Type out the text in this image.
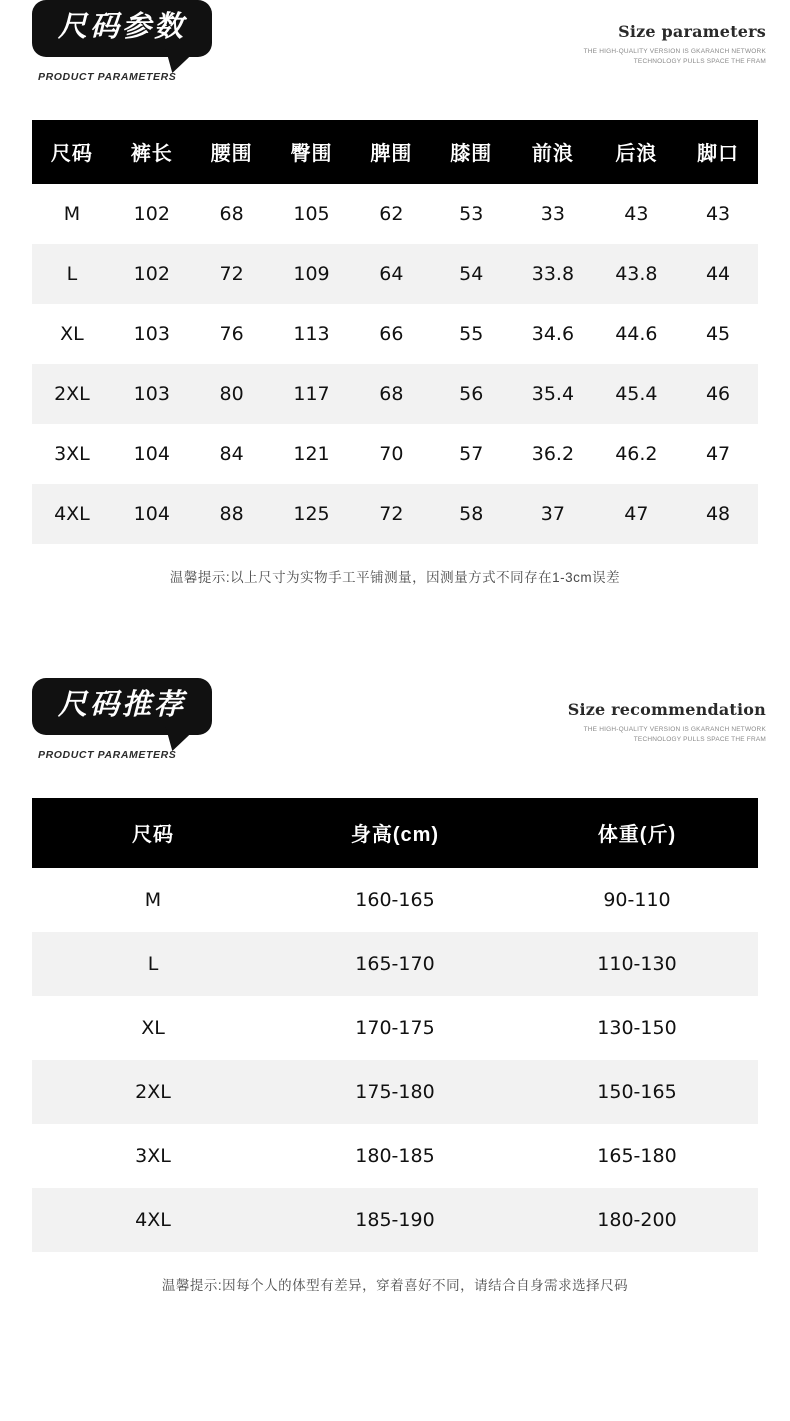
尺码参数
PRODUCT PARAMETERS
Size parameters
THE HIGH-QUALITY VERSION IS GKARANCH NETWORK
TECHNOLOGY PULLS SPACE THE FRAM
尺码	裤长	腰围	臀围	脾围	膝围	前浪	后浪	脚口
M	102	68	105	62	53	33	43	43
L	102	72	109	64	54	33.8	43.8	44
XL	103	76	113	66	55	34.6	44.6	45
2XL	103	80	117	68	56	35.4	45.4	46
3XL	104	84	121	70	57	36.2	46.2	47
4XL	104	88	125	72	58	37	47	48
温馨提示:以上尺寸为实物手工平铺测量，因测量方式不同存在1-3cm误差
尺码推荐
PRODUCT PARAMETERS
Size recommendation
THE HIGH-QUALITY VERSION IS GKARANCH NETWORK
TECHNOLOGY PULLS SPACE THE FRAM
尺码	身高(cm)	体重(斤)
M	160-165	90-110
L	165-170	110-130
XL	170-175	130-150
2XL	175-180	150-165
3XL	180-185	165-180
4XL	185-190	180-200
温馨提示:因每个人的体型有差异，穿着喜好不同，请结合自身需求选择尺码
